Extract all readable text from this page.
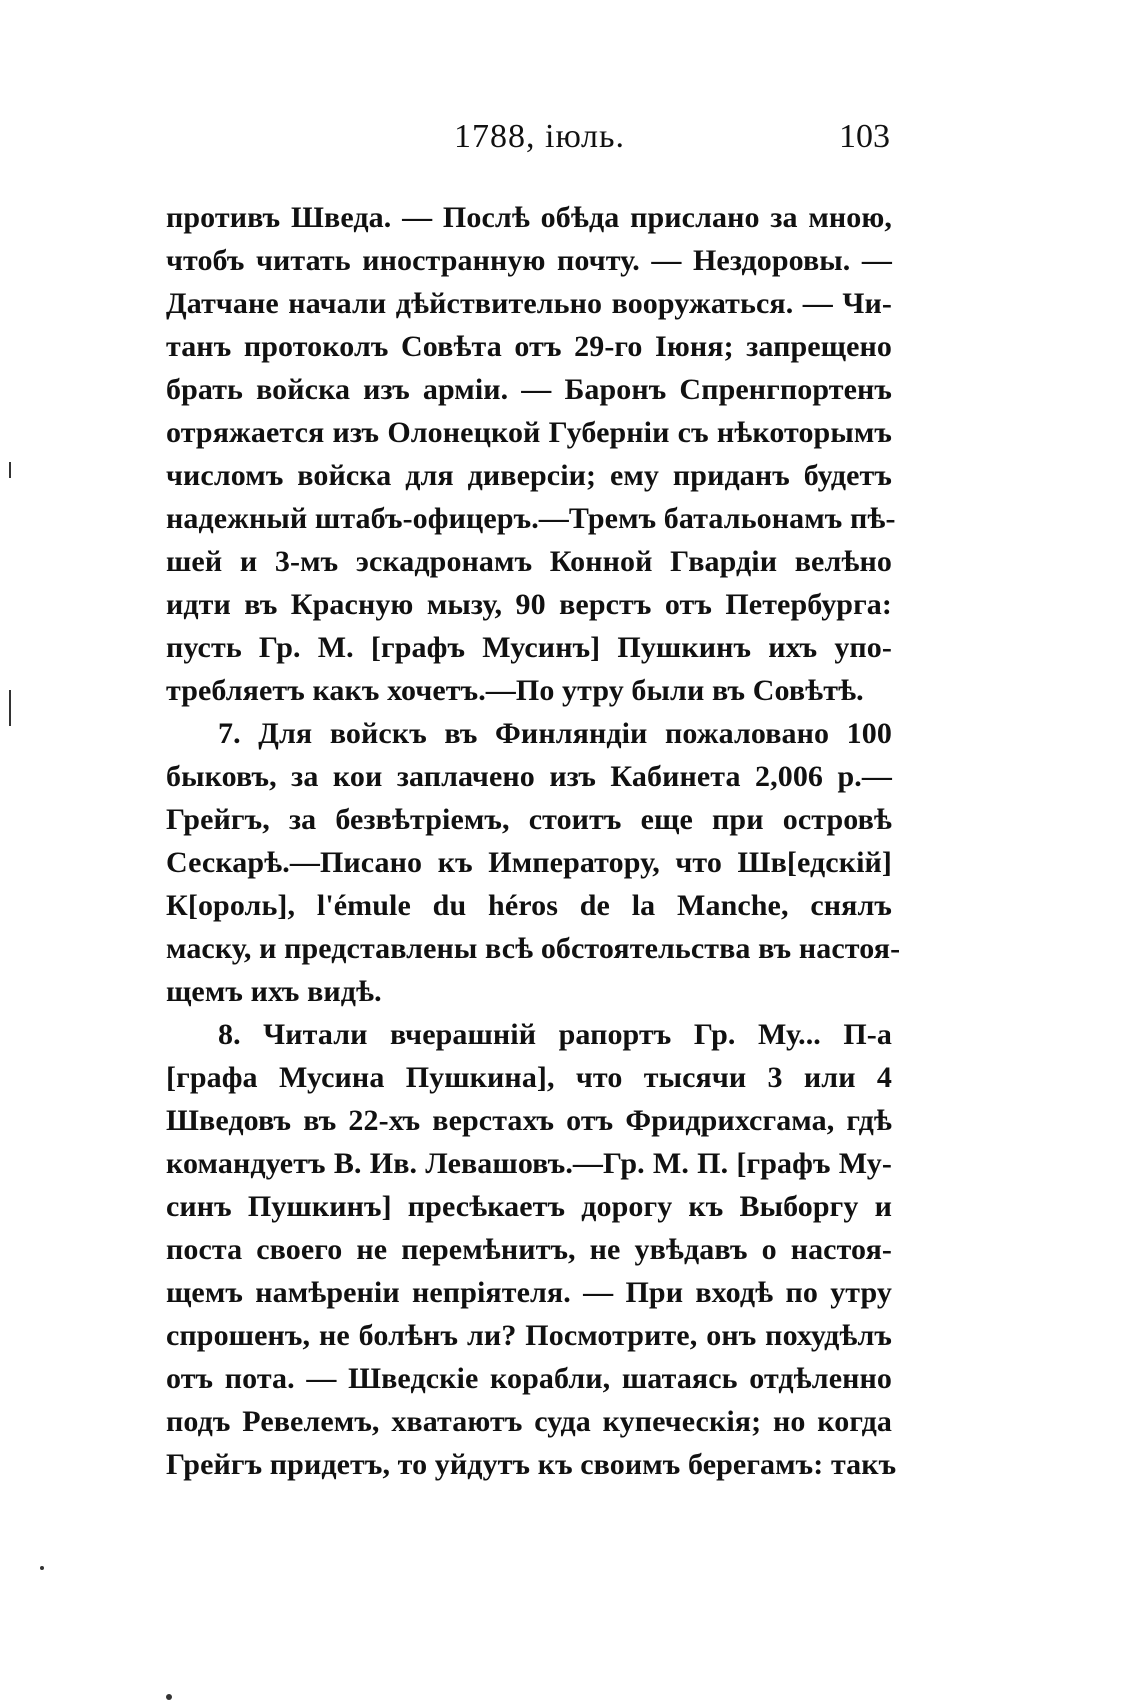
1788, іюль.	103
противъ Шведа. — Послѣ обѣда прислано за мною,
чтобъ читать иностранную почту. — Нездоровы. —
Датчане начали дѣйствительно вооружаться. — Чи-
танъ протоколъ Совѣта отъ 29-го Іюня; запрещено
брать войска изъ арміи. — Баронъ Спренгпортенъ
отряжается изъ Олонецкой Губерніи съ нѣкоторымъ
числомъ войска для диверсіи; ему приданъ будетъ
надежный штабъ-офицеръ.—Тремъ батальонамъ пѣ-
шей и 3-мъ эскадронамъ Конной Гвардіи велѣно
идти въ Красную мызу, 90 верстъ отъ Петербурга:
пусть Гр. М. [графъ Мусинъ] Пушкинъ ихъ упо-
требляетъ какъ хочетъ.—По утру были въ Совѣтѣ.
7. Для войскъ въ Финляндіи пожаловано 100
быковъ, за кои заплачено изъ Кабинета 2,006 р.—
Грейгъ, за безвѣтріемъ, стоитъ еще при островѣ
Сескарѣ.—Писано къ Императору, что Шв[едскій]
К[ороль], l'émule du héros de la Manche, снялъ
маску, и представлены всѣ обстоятельства въ настоя-
щемъ ихъ видѣ.
8. Читали вчерашній рапортъ Гр. Му... П-а
[графа Мусина Пушкина], что тысячи 3 или 4
Шведовъ въ 22-хъ верстахъ отъ Фридрихсгама, гдѣ
командуетъ В. Ив. Левашовъ.—Гр. М. П. [графъ Му-
синъ Пушкинъ] пресѣкаетъ дорогу къ Выборгу и
поста своего не перемѣнитъ, не увѣдавъ о настоя-
щемъ намѣреніи непріятеля. — При входѣ по утру
спрошенъ, не болѣнъ ли? Посмотрите, онъ похудѣлъ
отъ пота. — Шведскіе корабли, шатаясь отдѣленно
подъ Ревелемъ, хватаютъ суда купеческія; но когда
Грейгъ придетъ, то уйдутъ къ своимъ берегамъ: такъ
